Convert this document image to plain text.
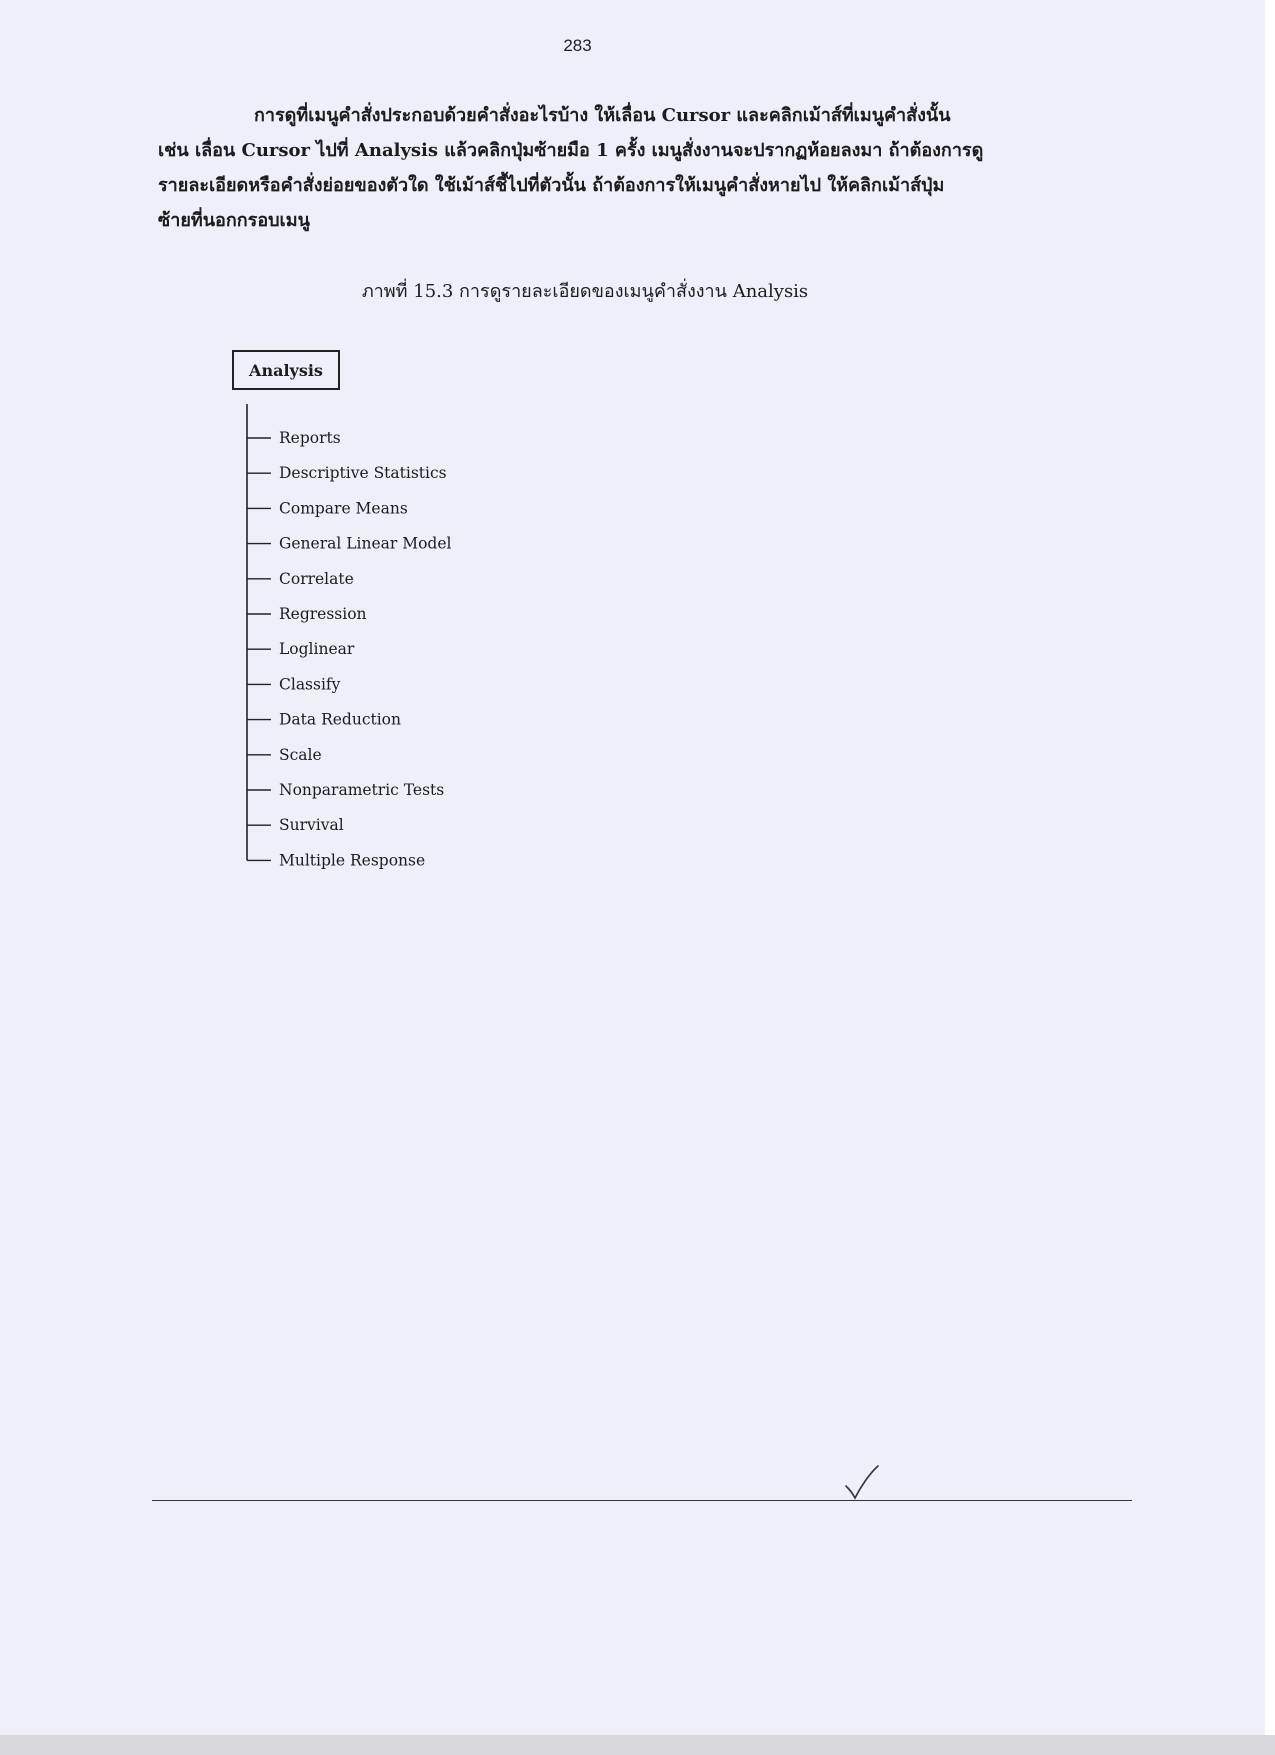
283
การดูที่เมนูคำสั่งประกอบด้วยคำสั่งอะไรบ้าง ให้เลื่อน Cursor และคลิกเม้าส์ที่เมนูคำสั่งนั้น
เช่น เลื่อน Cursor ไปที่ Analysis แล้วคลิกปุ่มซ้ายมือ 1 ครั้ง เมนูสั่งงานจะปรากฏห้อยลงมา ถ้าต้องการดู
รายละเอียดหรือคำสั่งย่อยของตัวใด ใช้เม้าส์ชี้ไปที่ตัวนั้น ถ้าต้องการให้เมนูคำสั่งหายไป ให้คลิกเม้าส์ปุ่ม
ซ้ายที่นอกกรอบเมนู
ภาพที่ 15.3 การดูรายละเอียดของเมนูคำสั่งงาน Analysis
Analysis
Reports
Descriptive Statistics
Compare Means
General Linear Model
Correlate
Regression
Loglinear
Classify
Data Reduction
Scale
Nonparametric Tests
Survival
Multiple Response
